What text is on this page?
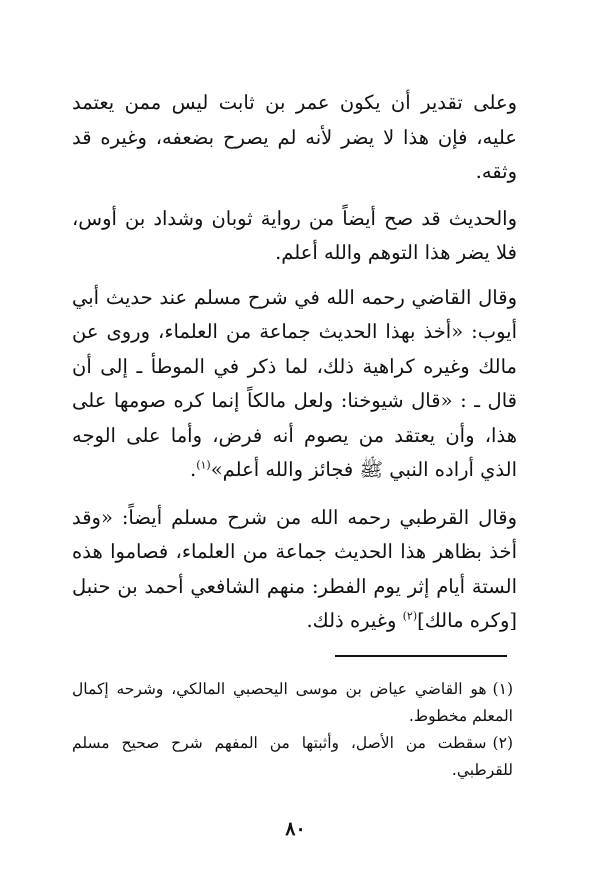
وعلى تقدير أن يكون عمر بن ثابت ليس ممن يعتمد عليه، فإن هذا لا يضر لأنه لم يصرح بضعفه، وغيره قد وثقه.

والحديث قد صح أيضاً من رواية ثوبان وشداد بن أوس، فلا يضر هذا التوهم والله أعلم.

وقال القاضي رحمه الله في شرح مسلم عند حديث أبي أيوب: «أخذ بهذا الحديث جماعة من العلماء، وروى عن مالك وغيره كراهية ذلك، لما ذكر في الموطأ ـ إلى أن قال ـ : «قال شيوخنا: ولعل مالكاً إنما كره صومها على هذا، وأن يعتقد من يصوم أنه فرض، وأما على الوجه الذي أراده النبي ﷺ فجائز والله أعلم»$^{(١)}$.

وقال القرطبي رحمه الله من شرح مسلم أيضاً: «وقد أخذ بظاهر هذا الحديث جماعة من العلماء، فصاموا هذه الستة أيام إثر يوم الفطر: منهم الشافعي أحمد بن حنبل [وكره مالك]$^{(٢)}$ وغيره ذلك.

(١)هو القاضي عياض بن موسى اليحصبي المالكي، وشرحه إكمال المعلم مخطوط.

(٢)سقطت من الأصل، وأثبتها من المفهم شرح صحيح مسلم للقرطبي.

٨٠
